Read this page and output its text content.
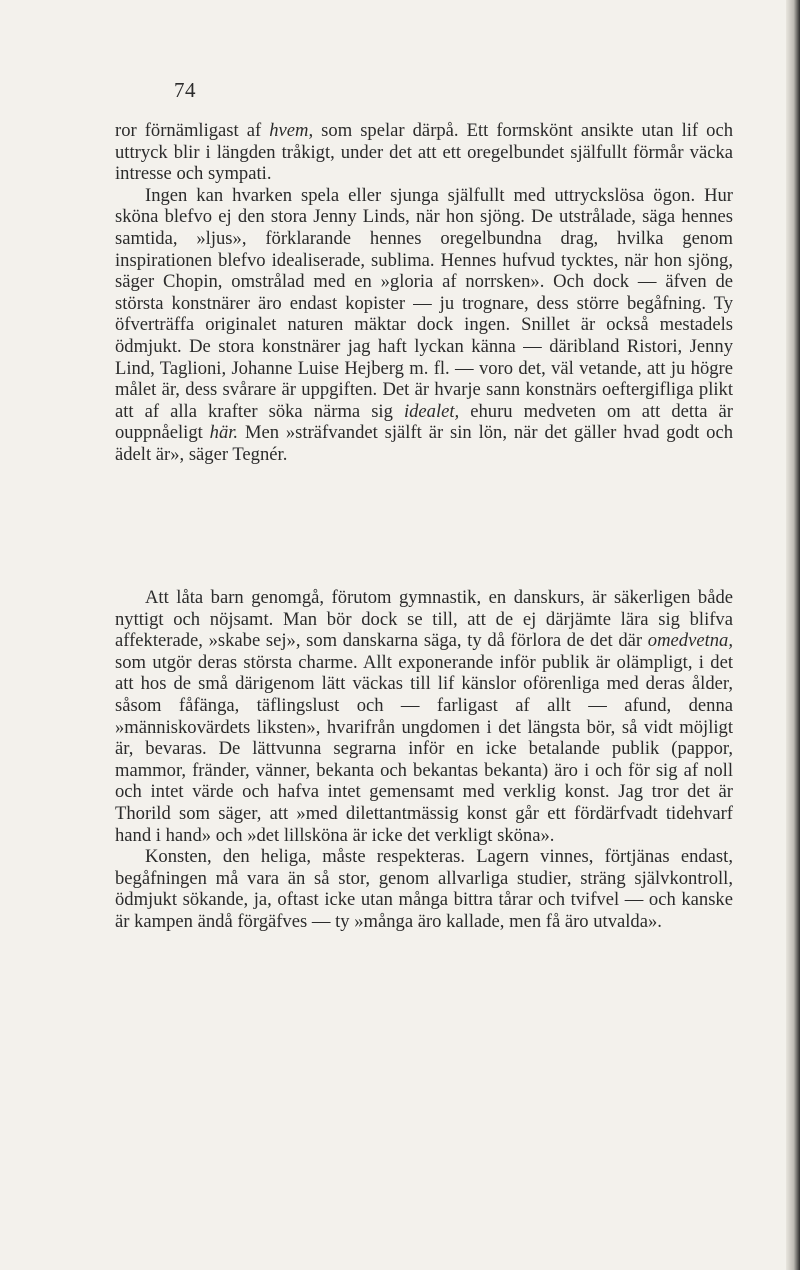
74

ror förnämligast af hvem, som spelar därpå. Ett formskönt ansikte utan lif och uttryck blir i längden tråkigt, under det att ett oregelbundet själfullt förmår väcka intresse och sympati.

Ingen kan hvarken spela eller sjunga själfullt med uttryckslösa ögon. Hur sköna blefvo ej den stora Jenny Linds, när hon sjöng. De utstrålade, säga hennes samtida, »ljus», förklarande hennes oregelbundna drag, hvilka genom inspirationen blefvo idealiserade, sublima. Hennes hufvud tycktes, när hon sjöng, säger Chopin, omstrålad med en »gloria af norrsken». Och dock — äfven de största konstnärer äro endast kopister — ju trognare, dess större begåfning. Ty öfverträffa originalet naturen mäktar dock ingen. Snillet är också mestadels ödmjukt. De stora konstnärer jag haft lyckan känna — däribland Ristori, Jenny Lind, Taglioni, Johanne Luise Hejberg m. fl. — voro det, väl vetande, att ju högre målet är, dess svårare är uppgiften. Det är hvarje sann konstnärs oeftergifliga plikt att af alla krafter söka närma sig idealet, ehuru medveten om att detta är ouppnåeligt här. Men »sträfvandet själft är sin lön, när det gäller hvad godt och ädelt är», säger Tegnér.

Att låta barn genomgå, förutom gymnastik, en danskurs, är säkerligen både nyttigt och nöjsamt. Man bör dock se till, att de ej därjämte lära sig blifva affekterade, »skabe sej», som danskarna säga, ty då förlora de det där omedvetna, som utgör deras största charme. Allt exponerande inför publik är olämpligt, i det att hos de små därigenom lätt väckas till lif känslor oförenliga med deras ålder, såsom fåfänga, täflingslust och — farligast af allt — afund, denna »människovärdets liksten», hvarifrån ungdomen i det längsta bör, så vidt möjligt är, bevaras. De lättvunna segrarna inför en icke betalande publik (pappor, mammor, fränder, vänner, bekanta och bekantas bekanta) äro i och för sig af noll och intet värde och hafva intet gemensamt med verklig konst. Jag tror det är Thorild som säger, att »med dilettantmässig konst går ett fördärfvadt tidehvarf hand i hand» och »det lillsköna är icke det verkligt sköna».

Konsten, den heliga, måste respekteras. Lagern vinnes, förtjänas endast, begåfningen må vara än så stor, genom allvarliga studier, sträng självkontroll, ödmjukt sökande, ja, oftast icke utan många bittra tårar och tvifvel — och kanske är kampen ändå förgäfves — ty »många äro kallade, men få äro utvalda».
